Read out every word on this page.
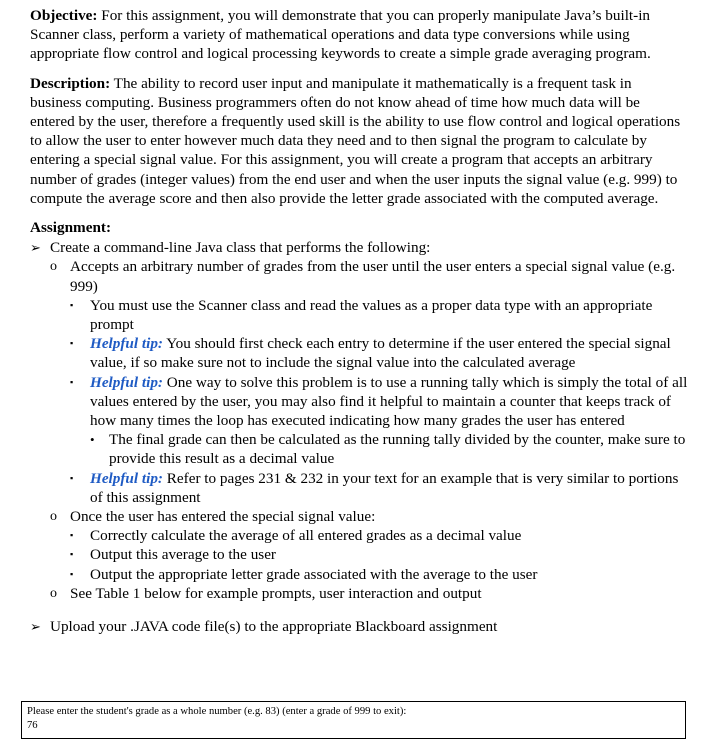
Objective: For this assignment, you will demonstrate that you can properly manipulate Java’s built-in Scanner class, perform a variety of mathematical operations and data type conversions while using appropriate flow control and logical processing keywords to create a simple grade averaging program.

Description: The ability to record user input and manipulate it mathematically is a frequent task in business computing. Business programmers often do not know ahead of time how much data will be entered by the user, therefore a frequently used skill is the ability to use flow control and logical operations to allow the user to enter however much data they need and to then signal the program to calculate by entering a special signal value. For this assignment, you will create a program that accepts an arbitrary number of grades (integer values) from the end user and when the user inputs the signal value (e.g. 999) to compute the average score and then also provide the letter grade associated with the computed average.

Assignment:
➢ Create a command-line Java class that performs the following:
o Accepts an arbitrary number of grades from the user until the user enters a special signal value (e.g. 999)
▪	You must use the Scanner class and read the values as a proper data type with an appropriate prompt
▪	Helpful tip: You should first check each entry to determine if the user entered the special signal value, if so make sure not to include the signal value into the calculated average
▪	Helpful tip: One way to solve this problem is to use a running tally which is simply the total of all values entered by the user, you may also find it helpful to maintain a counter that keeps track of how many times the loop has executed indicating how many grades the user has entered
• The final grade can then be calculated as the running tally divided by the counter, make sure to provide this result as a decimal value
▪	Helpful tip: Refer to pages 231 & 232 in your text for an example that is very similar to portions of this assignment
o Once the user has entered the special signal value:
▪	Correctly calculate the average of all entered grades as a decimal value
▪	Output this average to the user
▪	Output the appropriate letter grade associated with the average to the user
o See Table 1 below for example prompts, user interaction and output
➢ Upload your .JAVA code file(s) to the appropriate Blackboard assignment
Please enter the student's grade as a whole number (e.g. 83) (enter a grade of 999 to exit):
76
